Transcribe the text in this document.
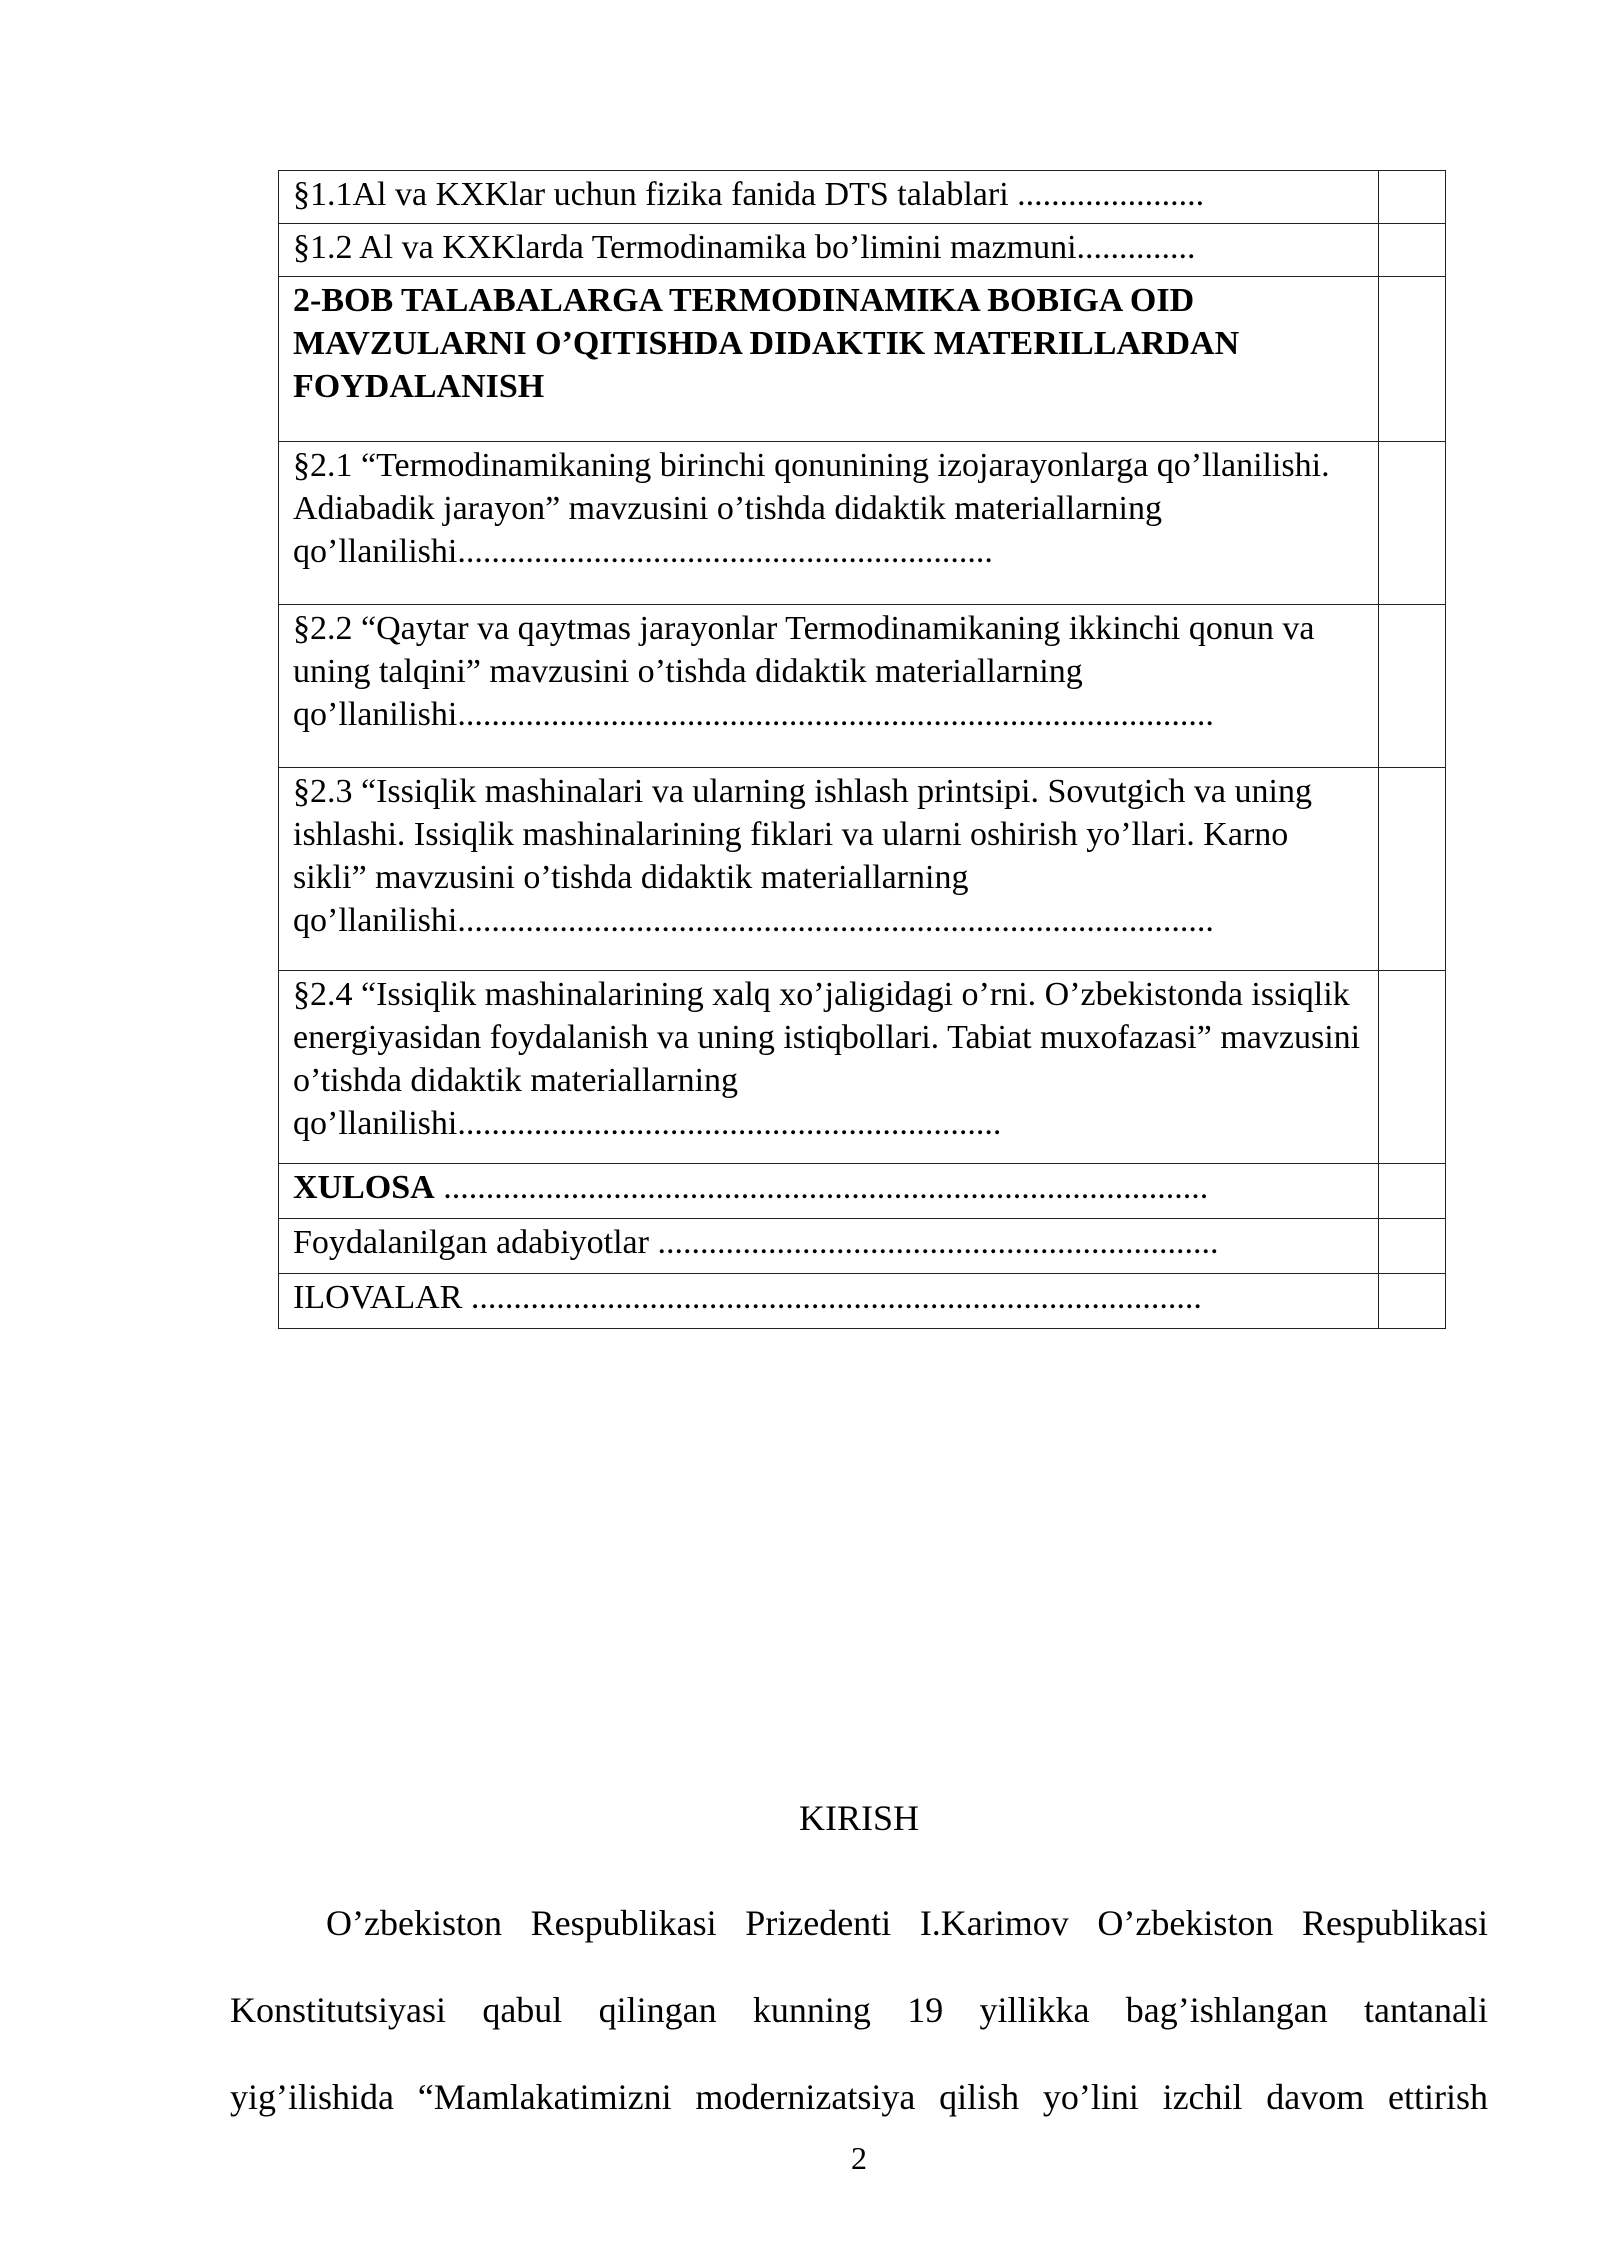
§1.1Al va KXKlar uchun fizika fanida DTS talablari ......................	
§1.2 Al va KXKlarda Termodinamika bo’limini mazmuni..............	
2-BOB TALABALARGA TERMODINAMIKA BOBIGA OID MAVZULARNI O’QITISHDA DIDAKTIK MATERILLARDAN FOYDALANISH	
§2.1 “Termodinamikaning birinchi qonunining izojarayonlarga qo’llanilishi. Adiabadik jarayon” mavzusini o’tishda didaktik materiallarning qo’llanilishi...............................................................	
§2.2 “Qaytar va qaytmas jarayonlar Termodinamikaning ikkinchi qonun va uning talqini” mavzusini o’tishda didaktik materiallarning qo’llanilishi.........................................................................................	
§2.3 “Issiqlik mashinalari va ularning ishlash printsipi. Sovutgich va uning ishlashi. Issiqlik mashinalarining fiklari va ularni oshirish yo’llari. Karno sikli” mavzusini o’tishda didaktik materiallarning qo’llanilishi.........................................................................................	
§2.4 “Issiqlik mashinalarining xalq xo’jaligidagi o’rni. O’zbekistonda issiqlik energiyasidan foydalanish va uning istiqbollari. Tabiat muxofazasi” mavzusini o’tishda didaktik materiallarning qo’llanilishi................................................................	
XULOSA ..........................................................................................	
Foydalanilgan adabiyotlar ..................................................................	
ILOVALAR ......................................................................................	
KIRISH
O’zbekiston Respublikasi Prizedenti I.Karimov O’zbekiston Respublikasi
Konstitutsiyasi qabul qilingan kunning 19 yillikka bag’ishlangan tantanali
yig’ilishida “Mamlakatimizni modernizatsiya qilish yo’lini izchil davom ettirish
2
